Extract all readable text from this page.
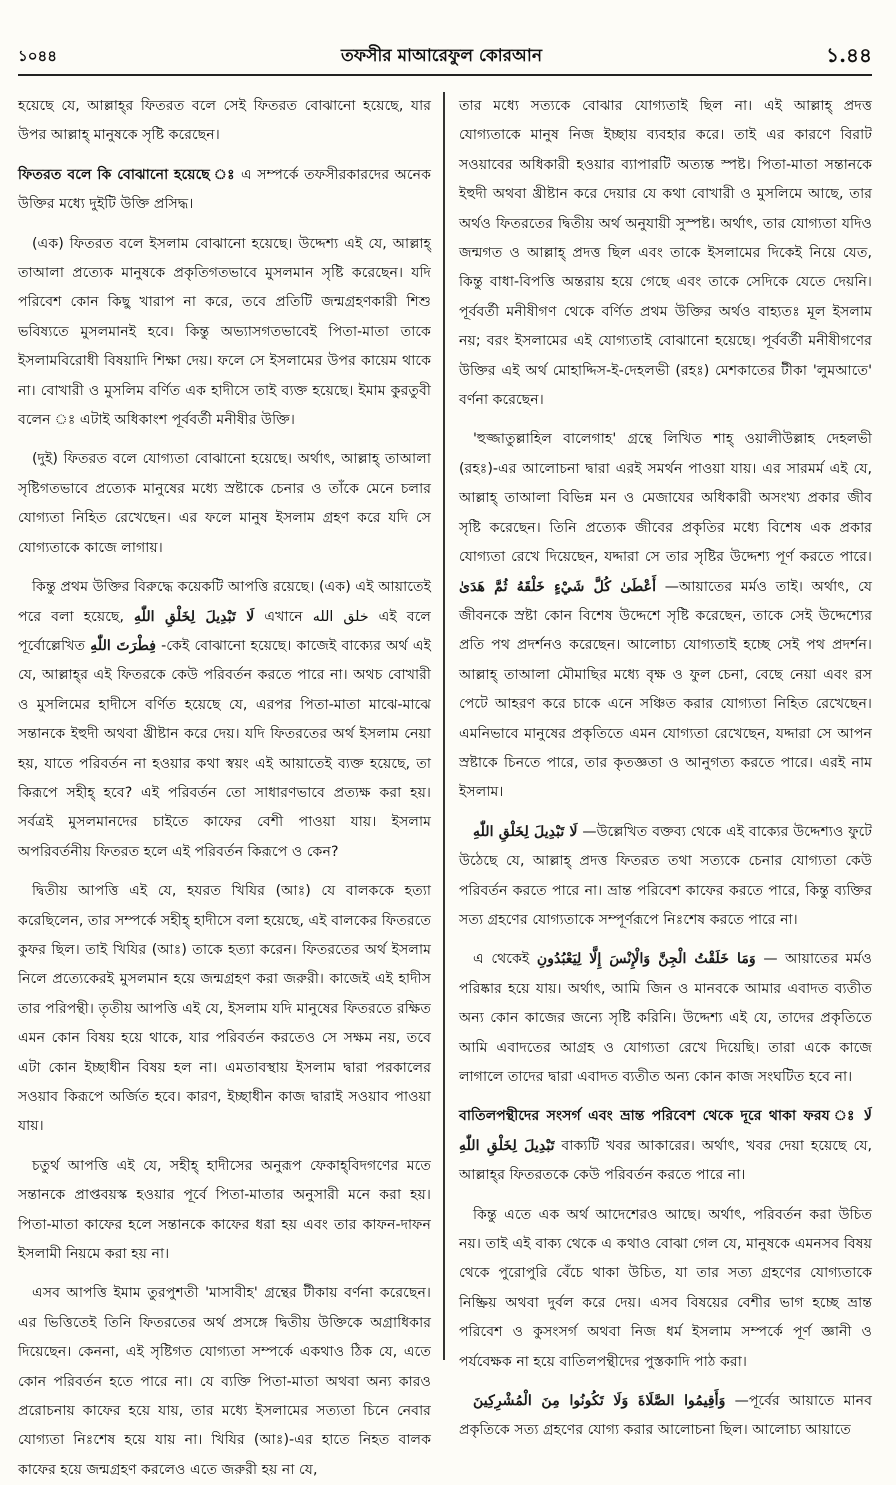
১০৪৪	তফসীর মাআরেফুল কোরআন	১.৪৪

হয়েছে যে, আল্লাহ্‌র ফিতরত বলে সেই ফিতরত বোঝানো হয়েছে, যার উপর আল্লাহ্‌ মানুষকে সৃষ্টি করেছেন।

ফিতরত বলে কি বোঝানো হয়েছে ঃ এ সম্পর্কে তফসীরকারদের অনেক উক্তির মধ্যে দুইটি উক্তি প্রসিদ্ধ।

(এক) ফিতরত বলে ইসলাম বোঝানো হয়েছে। উদ্দেশ্য এই যে, আল্লাহ্‌ তাআলা প্রত্যেক মানুষকে প্রকৃতিগতভাবে মুসলমান সৃষ্টি করেছেন। যদি পরিবেশ কোন কিছু খারাপ না করে, তবে প্রতিটি জন্মগ্রহণকারী শিশু ভবিষ্যতে মুসলমানই হবে। কিন্তু অভ্যাসগতভাবেই পিতা-মাতা তাকে ইসলামবিরোধী বিষয়াদি শিক্ষা দেয়। ফলে সে ইসলামের উপর কায়েম থাকে না। বোখারী ও মুসলিম বর্ণিত এক হাদীসে তাই ব্যক্ত হয়েছে। ইমাম কুরতুবী বলেন ঃ এটাই অধিকাংশ পূর্ববর্তী মনীষীর উক্তি।

(দুই) ফিতরত বলে যোগ্যতা বোঝানো হয়েছে। অর্থাৎ, আল্লাহ্‌ তাআলা সৃষ্টিগতভাবে প্রত্যেক মানুষের মধ্যে স্রষ্টাকে চেনার ও তাঁকে মেনে চলার যোগ্যতা নিহিত রেখেছেন। এর ফলে মানুষ ইসলাম গ্রহণ করে যদি সে যোগ্যতাকে কাজে লাগায়।

কিন্তু প্রথম উক্তির বিরুদ্ধে কয়েকটি আপত্তি রয়েছে। (এক) এই আয়াতেই পরে বলা হয়েছে, لَا تَبْدِيلَ لِخَلْقِ اللّٰهِ এখানে خلق الله এই বলে পূর্বোল্লেখিত فِطْرَتَ اللّٰهِ -কেই বোঝানো হয়েছে। কাজেই বাক্যের অর্থ এই যে, আল্লাহ্‌র এই ফিতরকে কেউ পরিবর্তন করতে পারে না। অথচ বোখারী ও মুসলিমের হাদীসে বর্ণিত হয়েছে যে, এরপর পিতা-মাতা মাঝে-মাঝে সন্তানকে ইহুদী অথবা খ্রীষ্টান করে দেয়। যদি ফিতরতের অর্থ ইসলাম নেয়া হয়, যাতে পরিবর্তন না হওয়ার কথা স্বয়ং এই আয়াতেই ব্যক্ত হয়েছে, তা কিরূপে সহীহ্‌ হবে? এই পরিবর্তন তো সাধারণভাবে প্রত্যক্ষ করা হয়। সর্বত্রই মুসলমানদের চাইতে কাফের বেশী পাওয়া যায়। ইসলাম অপরিবর্তনীয় ফিতরত হলে এই পরিবর্তন কিরূপে ও কেন?

দ্বিতীয় আপত্তি এই যে, হযরত খিযির (আঃ) যে বালককে হত্যা করেছিলেন, তার সম্পর্কে সহীহ্‌ হাদীসে বলা হয়েছে, এই বালকের ফিতরতে কুফর ছিল। তাই খিযির (আঃ) তাকে হত্যা করেন। ফিতরতের অর্থ ইসলাম নিলে প্রত্যেকেরই মুসলমান হয়ে জন্মগ্রহণ করা জরুরী। কাজেই এই হাদীস তার পরিপন্থী। তৃতীয় আপত্তি এই যে, ইসলাম যদি মানুষের ফিতরতে রক্ষিত এমন কোন বিষয় হয়ে থাকে, যার পরিবর্তন করতেও সে সক্ষম নয়, তবে এটা কোন ইচ্ছাধীন বিষয় হল না। এমতাবস্থায় ইসলাম দ্বারা পরকালের সওয়াব কিরূপে অর্জিত হবে। কারণ, ইচ্ছাধীন কাজ দ্বারাই সওয়াব পাওয়া যায়।

চতুর্থ আপত্তি এই যে, সহীহ্‌ হাদীসের অনুরূপ ফেকাহ্‌বিদগণের মতে সন্তানকে প্রাপ্তবয়স্ক হওয়ার পূর্বে পিতা-মাতার অনুসারী মনে করা হয়। পিতা-মাতা কাফের হলে সন্তানকে কাফের ধরা হয় এবং তার কাফন-দাফন ইসলামী নিয়মে করা হয় না।

এসব আপত্তি ইমাম তুরপুশতী 'মাসাবীহ' গ্রন্থের টীকায় বর্ণনা করেছেন। এর ভিত্তিতেই তিনি ফিতরতের অর্থ প্রসঙ্গে দ্বিতীয় উক্তিকে অগ্রাধিকার দিয়েছেন। কেননা, এই সৃষ্টিগত যোগ্যতা সম্পর্কে একথাও ঠিক যে, এতে কোন পরিবর্তন হতে পারে না। যে ব্যক্তি পিতা-মাতা অথবা অন্য কারও প্ররোচনায় কাফের হয়ে যায়, তার মধ্যে ইসলামের সত্যতা চিনে নেবার যোগ্যতা নিঃশেষ হয়ে যায় না। খিযির (আঃ)-এর হাতে নিহত বালক কাফের হয়ে জন্মগ্রহণ করলেও এতে জরুরী হয় না যে,

তার মধ্যে সত্যকে বোঝার যোগ্যতাই ছিল না। এই আল্লাহ্‌ প্রদত্ত যোগ্যতাকে মানুষ নিজ ইচ্ছায় ব্যবহার করে। তাই এর কারণে বিরাট সওয়াবের অধিকারী হওয়ার ব্যাপারটি অত্যন্ত স্পষ্ট। পিতা-মাতা সন্তানকে ইহুদী অথবা খ্রীষ্টান করে দেয়ার যে কথা বোখারী ও মুসলিমে আছে, তার অর্থও ফিতরতের দ্বিতীয় অর্থ অনুযায়ী সুস্পষ্ট। অর্থাৎ, তার যোগ্যতা যদিও জন্মগত ও আল্লাহ্‌ প্রদত্ত ছিল এবং তাকে ইসলামের দিকেই নিয়ে যেত, কিন্তু বাধা-বিপত্তি অন্তরায় হয়ে গেছে এবং তাকে সেদিকে যেতে দেয়নি। পূর্ববর্তী মনীষীগণ থেকে বর্ণিত প্রথম উক্তির অর্থও বাহ্যতঃ মূল ইসলাম নয়; বরং ইসলামের এই যোগ্যতাই বোঝানো হয়েছে। পূর্ববর্তী মনীষীগণের উক্তির এই অর্থ মোহাদ্দিস-ই-দেহলভী (রহঃ) মেশকাতের টীকা 'লুমআতে' বর্ণনা করেছেন।

'হুজ্জাতুল্লাহিল বালেগাহ' গ্রন্থে লিখিত শাহ্‌ ওয়ালীউল্লাহ দেহলভী (রহঃ)-এর আলোচনা দ্বারা এরই সমর্থন পাওয়া যায়। এর সারমর্ম এই যে, আল্লাহ্‌ তাআলা বিভিন্ন মন ও মেজাযের অধিকারী অসংখ্য প্রকার জীব সৃষ্টি করেছেন। তিনি প্রত্যেক জীবের প্রকৃতির মধ্যে বিশেষ এক প্রকার যোগ্যতা রেখে দিয়েছেন, যদ্দারা সে তার সৃষ্টির উদ্দেশ্য পূর্ণ করতে পারে। أَعْطَىٰ كُلَّ شَيْءٍ خَلْقَهُ ثُمَّ هَدَىٰ —আয়াতের মর্মও তাই। অর্থাৎ, যে জীবনকে স্রষ্টা কোন বিশেষ উদ্দেশে সৃষ্টি করেছেন, তাকে সেই উদ্দেশ্যের প্রতি পথ প্রদর্শনও করেছেন। আলোচ্য যোগ্যতাই হচ্ছে সেই পথ প্রদর্শন। আল্লাহ্‌ তাআলা মৌমাছির মধ্যে বৃক্ষ ও ফুল চেনা, বেছে নেয়া এবং রস পেটে আহরণ করে চাকে এনে সঞ্চিত করার যোগ্যতা নিহিত রেখেছেন। এমনিভাবে মানুষের প্রকৃতিতে এমন যোগ্যতা রেখেছেন, যদ্দারা সে আপন স্রষ্টাকে চিনতে পারে, তার কৃতজ্ঞতা ও আনুগত্য করতে পারে। এরই নাম ইসলাম।

لَا تَبْدِيلَ لِخَلْقِ اللّٰهِ —উল্লেখিত বক্তব্য থেকে এই বাক্যের উদ্দেশ্যও ফুটে উঠেছে যে, আল্লাহ্‌ প্রদত্ত ফিতরত তথা সত্যকে চেনার যোগ্যতা কেউ পরিবর্তন করতে পারে না। ভ্রান্ত পরিবেশ কাফের করতে পারে, কিন্তু ব্যক্তির সত্য গ্রহণের যোগ্যতাকে সম্পূর্ণরূপে নিঃশেষ করতে পারে না।

এ থেকেই وَمَا خَلَقْتُ الْجِنَّ وَالْإِنْسَ إِلَّا لِيَعْبُدُونِ — আয়াতের মর্মও পরিষ্কার হয়ে যায়। অর্থাৎ, আমি জিন ও মানবকে আমার এবাদত ব্যতীত অন্য কোন কাজের জন্যে সৃষ্টি করিনি। উদ্দেশ্য এই যে, তাদের প্রকৃতিতে আমি এবাদতের আগ্রহ ও যোগ্যতা রেখে দিয়েছি। তারা একে কাজে লাগালে তাদের দ্বারা এবাদত ব্যতীত অন্য কোন কাজ সংঘটিত হবে না।

বাতিলপন্থীদের সংসর্গ এবং ভ্রান্ত পরিবেশ থেকে দূরে থাকা ফরয ঃ لَا تَبْدِيلَ لِخَلْقِ اللّٰهِ বাক্যটি খবর আকারের। অর্থাৎ, খবর দেয়া হয়েছে যে, আল্লাহ্‌র ফিতরতকে কেউ পরিবর্তন করতে পারে না।

কিন্তু এতে এক অর্থ আদেশেরও আছে। অর্থাৎ, পরিবর্তন করা উচিত নয়। তাই এই বাক্য থেকে এ কথাও বোঝা গেল যে, মানুষকে এমনসব বিষয় থেকে পুরোপুরি বেঁচে থাকা উচিত, যা তার সত্য গ্রহণের যোগ্যতাকে নিষ্ক্রিয় অথবা দুর্বল করে দেয়। এসব বিষয়ের বেশীর ভাগ হচ্ছে ভ্রান্ত পরিবেশ ও কুসংসর্গ অথবা নিজ ধর্ম ইসলাম সম্পর্কে পূর্ণ জ্ঞানী ও পর্যবেক্ষক না হয়ে বাতিলপন্থীদের পুস্তকাদি পাঠ করা।

وَأَقِيمُوا الصَّلَاةَ وَلَا تَكُونُوا مِنَ الْمُشْرِكِينَ —পূর্বের আয়াতে মানব প্রকৃতিকে সত্য গ্রহণের যোগ্য করার আলোচনা ছিল। আলোচ্য আয়াতে
